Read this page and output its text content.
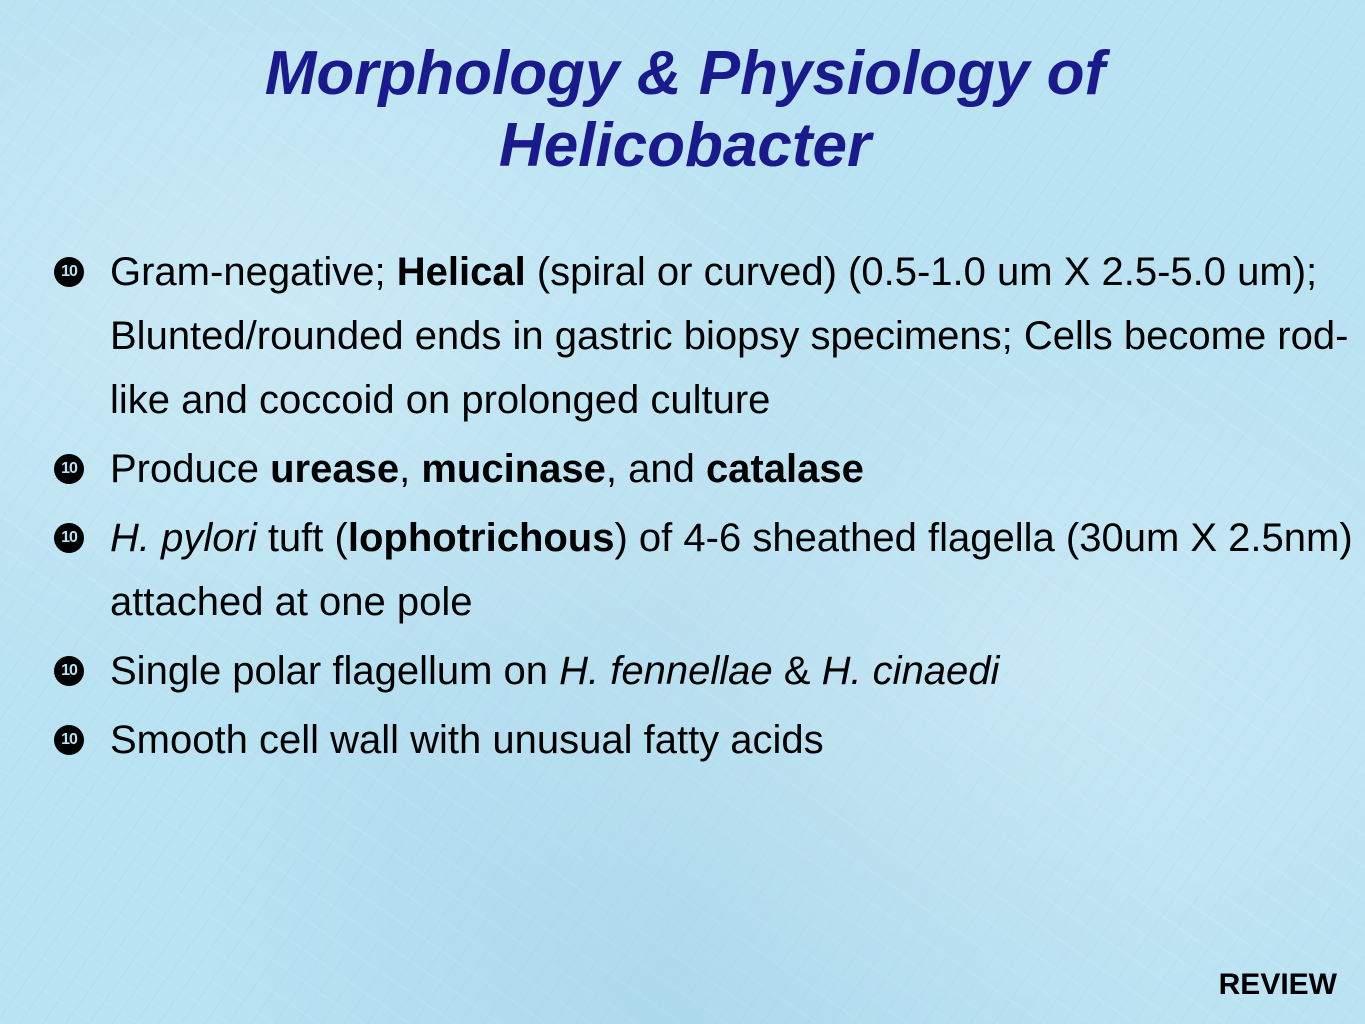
Morphology & Physiology of
Helicobacter
10 Gram-negative; Helical (spiral or curved) (0.5-1.0 um X 2.5-5.0 um); Blunted/rounded ends in gastric biopsy specimens; Cells become rod-like and coccoid on prolonged culture
10 Produce urease, mucinase, and catalase
10 H. pylori tuft (lophotrichous) of 4-6 sheathed flagella (30um X 2.5nm) attached at one pole
10 Single polar flagellum on H. fennellae & H. cinaedi
10 Smooth cell wall with unusual fatty acids
REVIEW
